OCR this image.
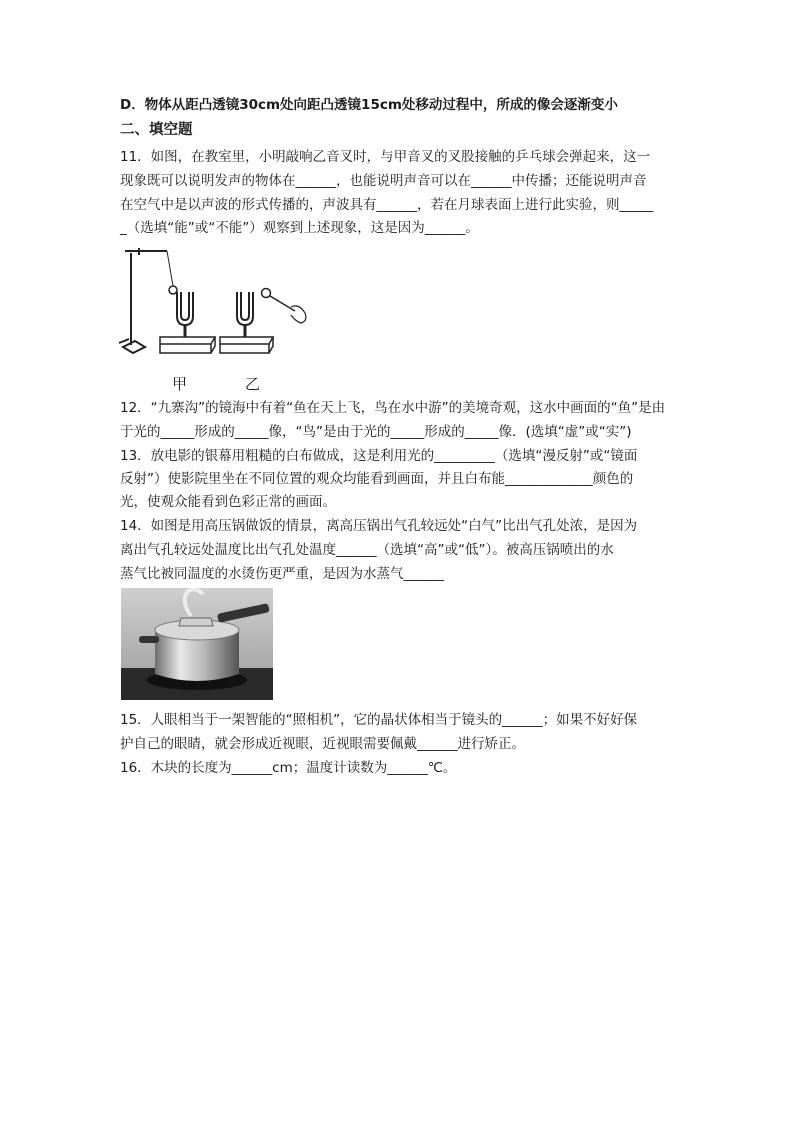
D．物体从距凸透镜30cm处向距凸透镜15cm处移动过程中，所成的像会逐渐变小
二、填空题
11．如图，在教室里，小明敲响乙音叉时，与甲音叉的叉股接触的乒乓球会弹起来，这一
现象既可以说明发声的物体在______，也能说明声音可以在______中传播；还能说明声音
在空气中是以声波的形式传播的，声波具有______，若在月球表面上进行此实验，则_____
_（选填“能”或“不能”）观察到上述现象，这是因为______。
甲	乙
12．“九寨沟”的镜海中有着“鱼在天上飞，鸟在水中游”的美境奇观，这水中画面的“鱼”是由
于光的_____形成的_____像，“鸟”是由于光的_____形成的_____像．(选填“虚”或“实”)
13．放电影的银幕用粗糙的白布做成，这是利用光的_________（选填“漫反射”或“镜面
反射”）使影院里坐在不同位置的观众均能看到画面，并且白布能_____________颜色的
光，使观众能看到色彩正常的画面。
14．如图是用高压锅做饭的情景，离高压锅出气孔较远处“白气”比出气孔处浓，是因为
离出气孔较远处温度比出气孔处温度______（选填“高”或“低”）。被高压锅喷出的水
蒸气比被同温度的水烫伤更严重，是因为水蒸气______
15．人眼相当于一架智能的“照相机”，它的晶状体相当于镜头的______；如果不好好保
护自己的眼睛，就会形成近视眼，近视眼需要佩戴______进行矫正。
16．木块的长度为______cm；温度计读数为______℃。
